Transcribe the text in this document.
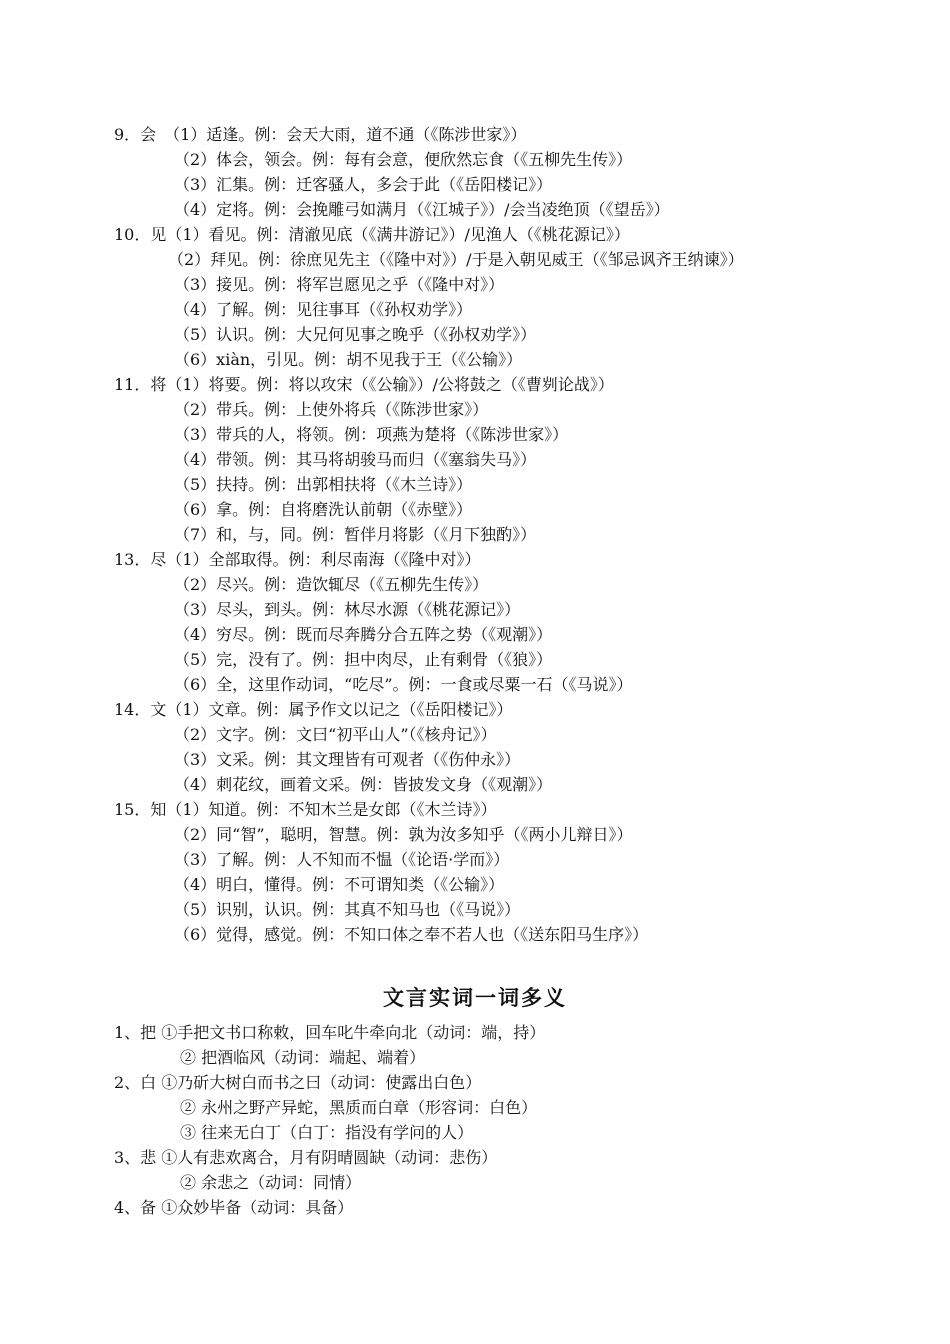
9．会　（1）适逢。例：会天大雨，道不通（《陈涉世家》）
（2）体会，领会。例：每有会意，便欣然忘食（《五柳先生传》）
（3）汇集。例：迁客骚人，多会于此（《岳阳楼记》）
（4）定将。例：会挽雕弓如满月（《江城子》）/会当凌绝顶（《望岳》）
10．见（1）看见。例：清澈见底（《满井游记》）/见渔人（《桃花源记》）
（2）拜见。例：徐庶见先主（《隆中对》）/于是入朝见威王（《邹忌讽齐王纳谏》）
（3）接见。例：将军岂愿见之乎（《隆中对》）
（4）了解。例：见往事耳（《孙权劝学》）
（5）认识。例：大兄何见事之晚乎（《孙权劝学》）
（6）xiàn，引见。例：胡不见我于王（《公输》）
11．将（1）将要。例：将以攻宋（《公输》）/公将鼓之（《曹刿论战》）
（2）带兵。例：上使外将兵（《陈涉世家》）
（3）带兵的人，将领。例：项燕为楚将（《陈涉世家》）
（4）带领。例：其马将胡骏马而归（《塞翁失马》）
（5）扶持。例：出郭相扶将（《木兰诗》）
（6）拿。例：自将磨洗认前朝（《赤壁》）
（7）和，与，同。例：暂伴月将影（《月下独酌》）
13．尽（1）全部取得。例：利尽南海（《隆中对》）
（2）尽兴。例：造饮辄尽（《五柳先生传》）
（3）尽头，到头。例：林尽水源（《桃花源记》）
（4）穷尽。例：既而尽奔腾分合五阵之势（《观潮》）
（5）完，没有了。例：担中肉尽，止有剩骨（《狼》）
（6）全，这里作动词，“吃尽”。例：一食或尽粟一石（《马说》）
14．文（1）文章。例：属予作文以记之（《岳阳楼记》）
（2）文字。例：文曰“初平山人”（《核舟记》）
（3）文采。例：其文理皆有可观者（《伤仲永》）
（4）刺花纹，画着文采。例：皆披发文身（《观潮》）
15．知（1）知道。例：不知木兰是女郎（《木兰诗》）
（2）同“智”，聪明，智慧。例：孰为汝多知乎（《两小儿辩日》）
（3）了解。例：人不知而不愠（《论语·学而》）
（4）明白，懂得。例：不可谓知类（《公输》）
（5）识别，认识。例：其真不知马也（《马说》）
（6）觉得，感觉。例：不知口体之奉不若人也（《送东阳马生序》）
文言实词一词多义
1、把 ①手把文书口称敕，回车叱牛牵向北（动词：端，持）
② 把酒临风（动词：端起、端着）
2、白 ①乃斫大树白而书之曰（动词：使露出白色）
② 永州之野产异蛇，黑质而白章（形容词：白色）
③ 往来无白丁（白丁：指没有学问的人）
3、悲 ①人有悲欢离合，月有阴晴圆缺（动词：悲伤）
② 余悲之（动词：同情）
4、备 ①众妙毕备（动词：具备）
